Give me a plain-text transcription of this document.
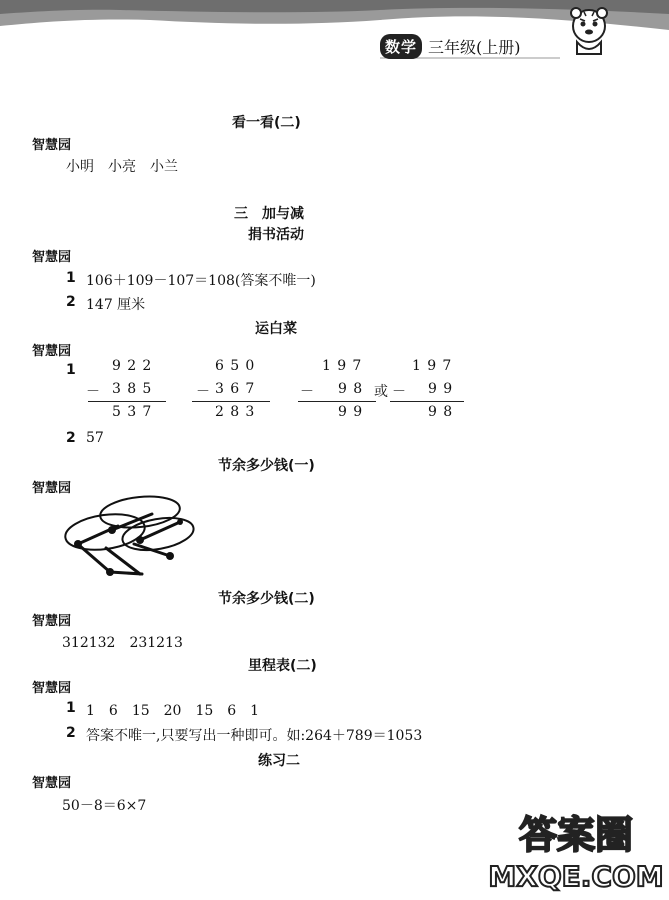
数学 三年级(上册)
看一看(二)
智慧园
小明　小亮　小兰
三　加与减
捐书活动
智慧园
1 106＋109－107＝108(答案不唯一)
2 147 厘米
运白菜
智慧园
1	922
－ 385
537
650
－ 367
283
197
－ 98
99
或
197
－ 99
98
2 57
节余多少钱(一)
智慧园
节余多少钱(二)
智慧园
312132　231213
里程表(二)
智慧园
1 1　6　15　20　15　6　1
2 答案不唯一,只要写出一种即可。如:264＋789＝1053
练习二
智慧园
50－8＝6×7
答案圈
MXQE.COM
